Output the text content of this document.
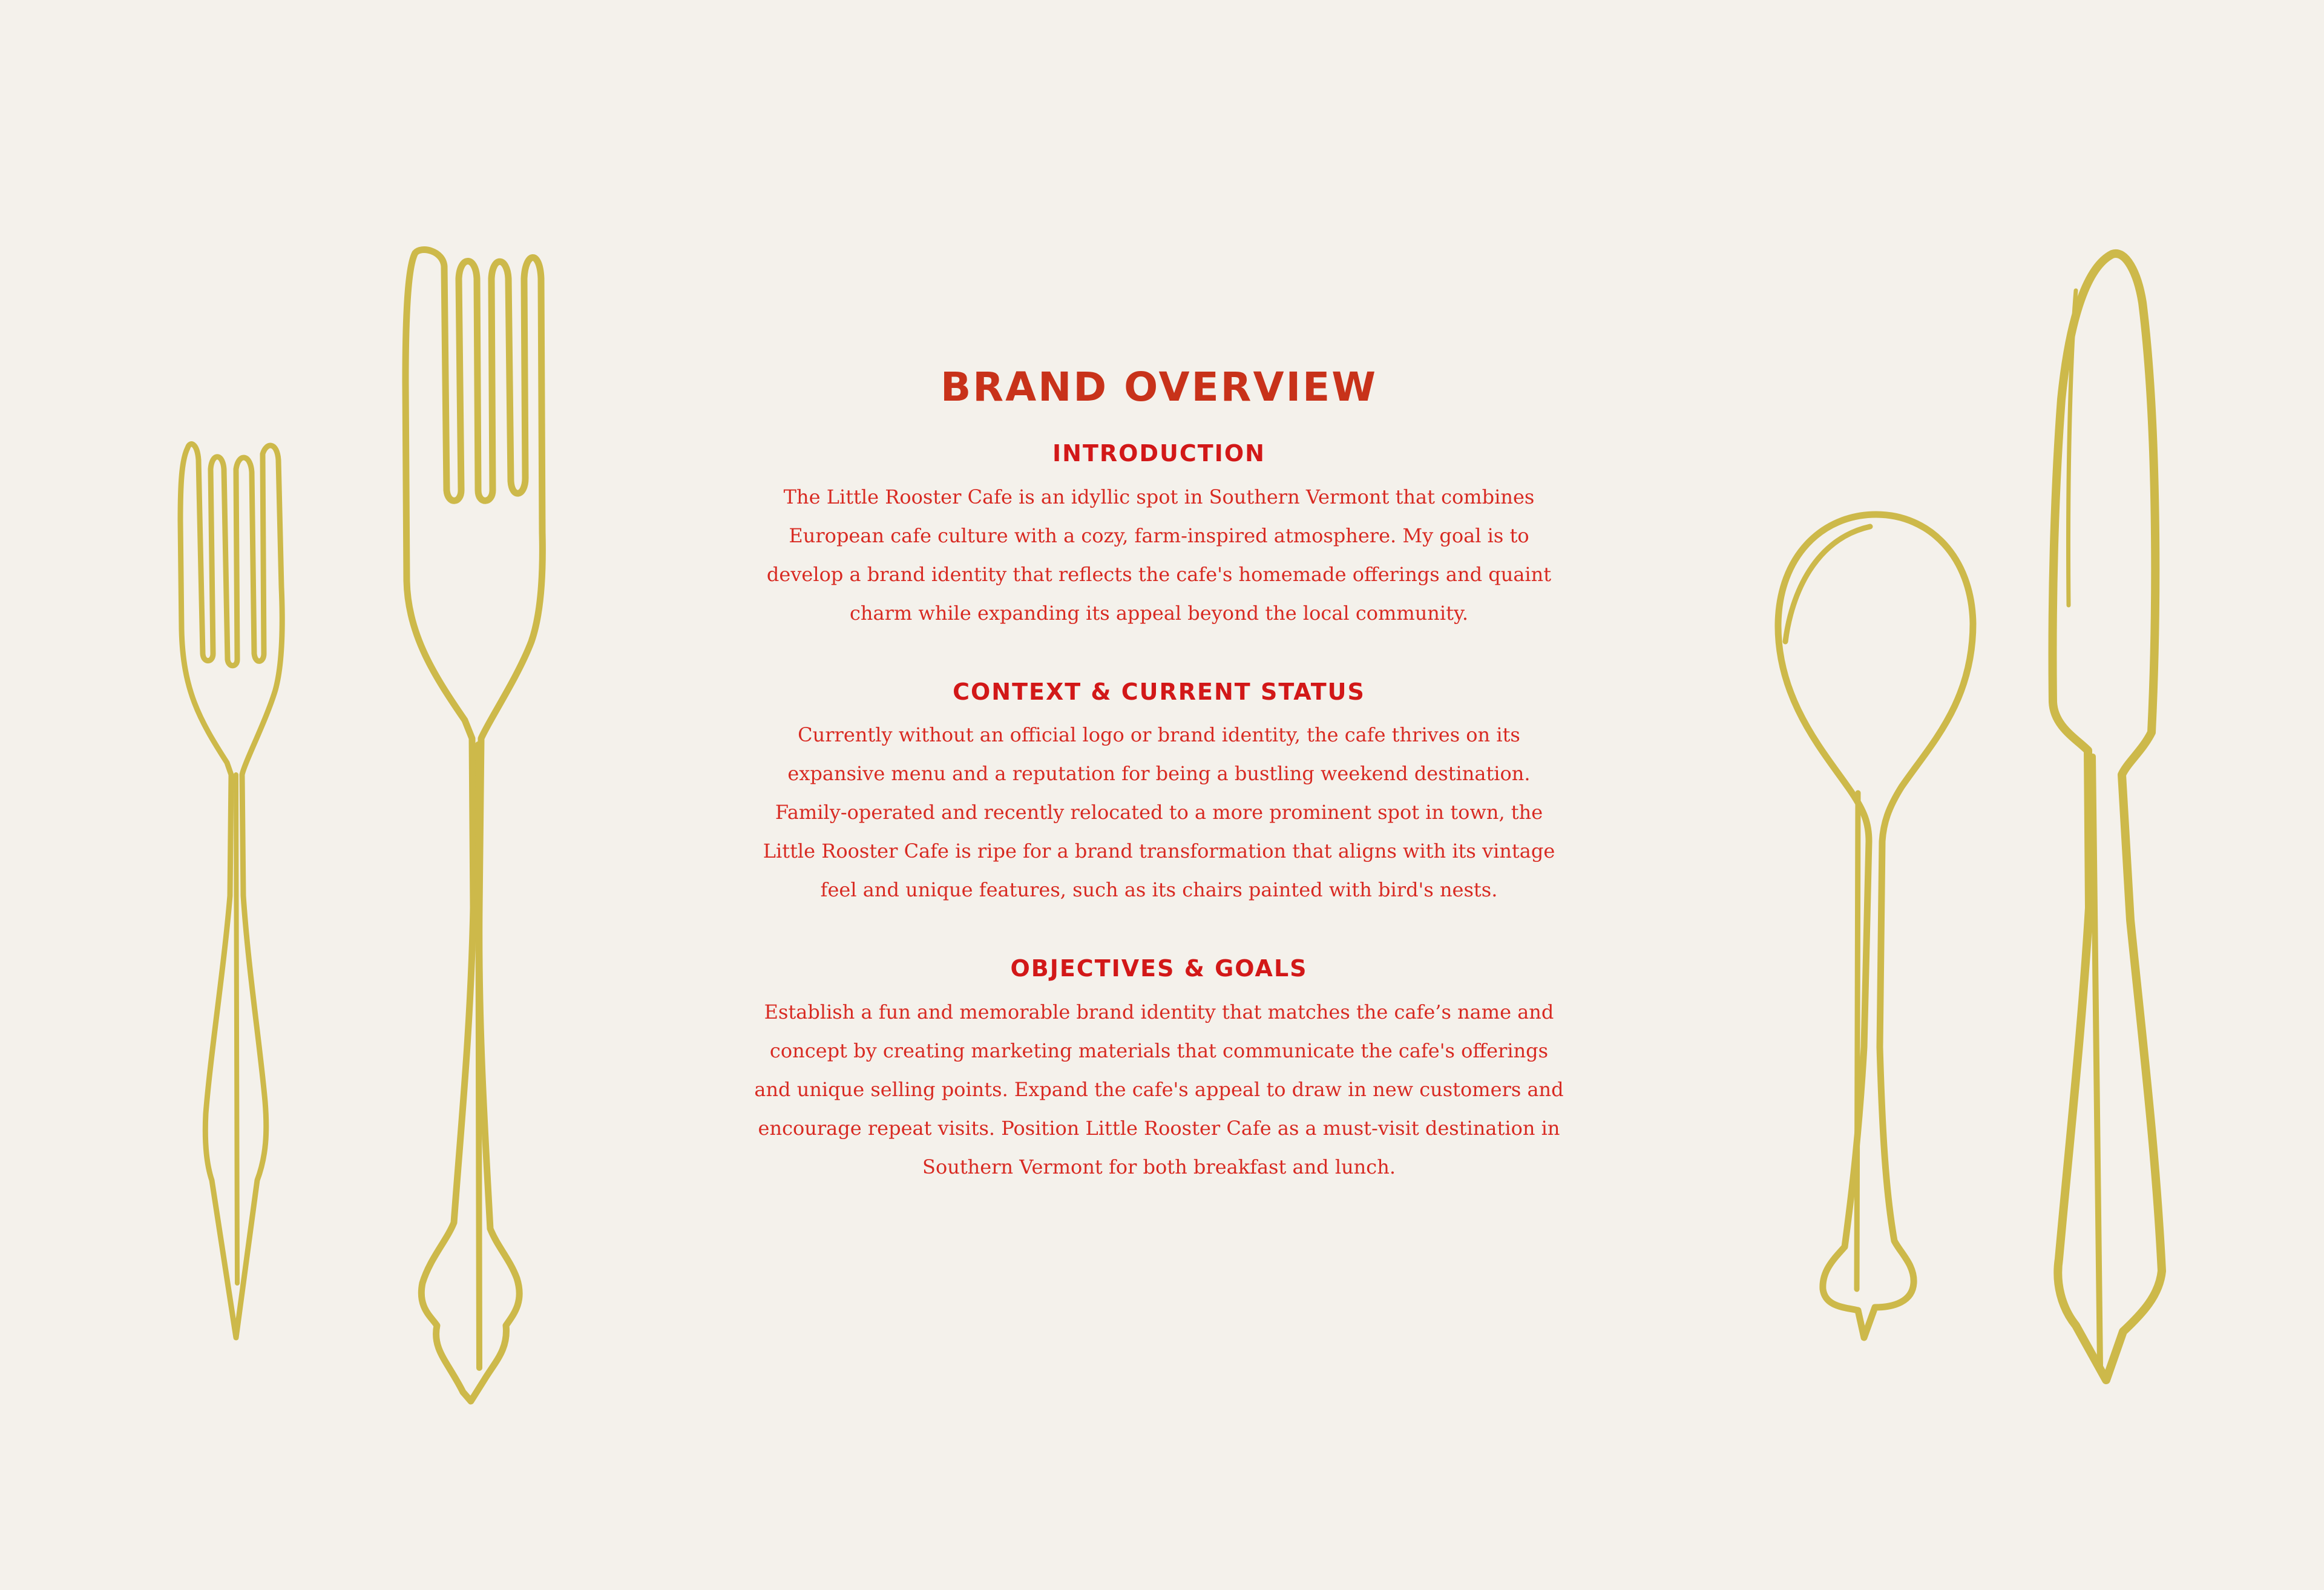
BRAND OVERVIEW
INTRODUCTION

The Little Rooster Cafe is an idyllic spot in Southern Vermont that combines European cafe culture with a cozy, farm-inspired atmosphere. My goal is to develop a brand identity that reflects the cafe's homemade offerings and quaint charm while expanding its appeal beyond the local community.

CONTEXT & CURRENT STATUS

Currently without an official logo or brand identity, the cafe thrives on its expansive menu and a reputation for being a bustling weekend destination. Family-operated and recently relocated to a more prominent spot in town, the Little Rooster Cafe is ripe for a brand transformation that aligns with its vintage feel and unique features, such as its chairs painted with bird's nests.

OBJECTIVES & GOALS

Establish a fun and memorable brand identity that matches the cafe’s name and concept by creating marketing materials that communicate the cafe's offerings and unique selling points. Expand the cafe's appeal to draw in new customers and encourage repeat visits. Position Little Rooster Cafe as a must-visit destination in Southern Vermont for both breakfast and lunch.
